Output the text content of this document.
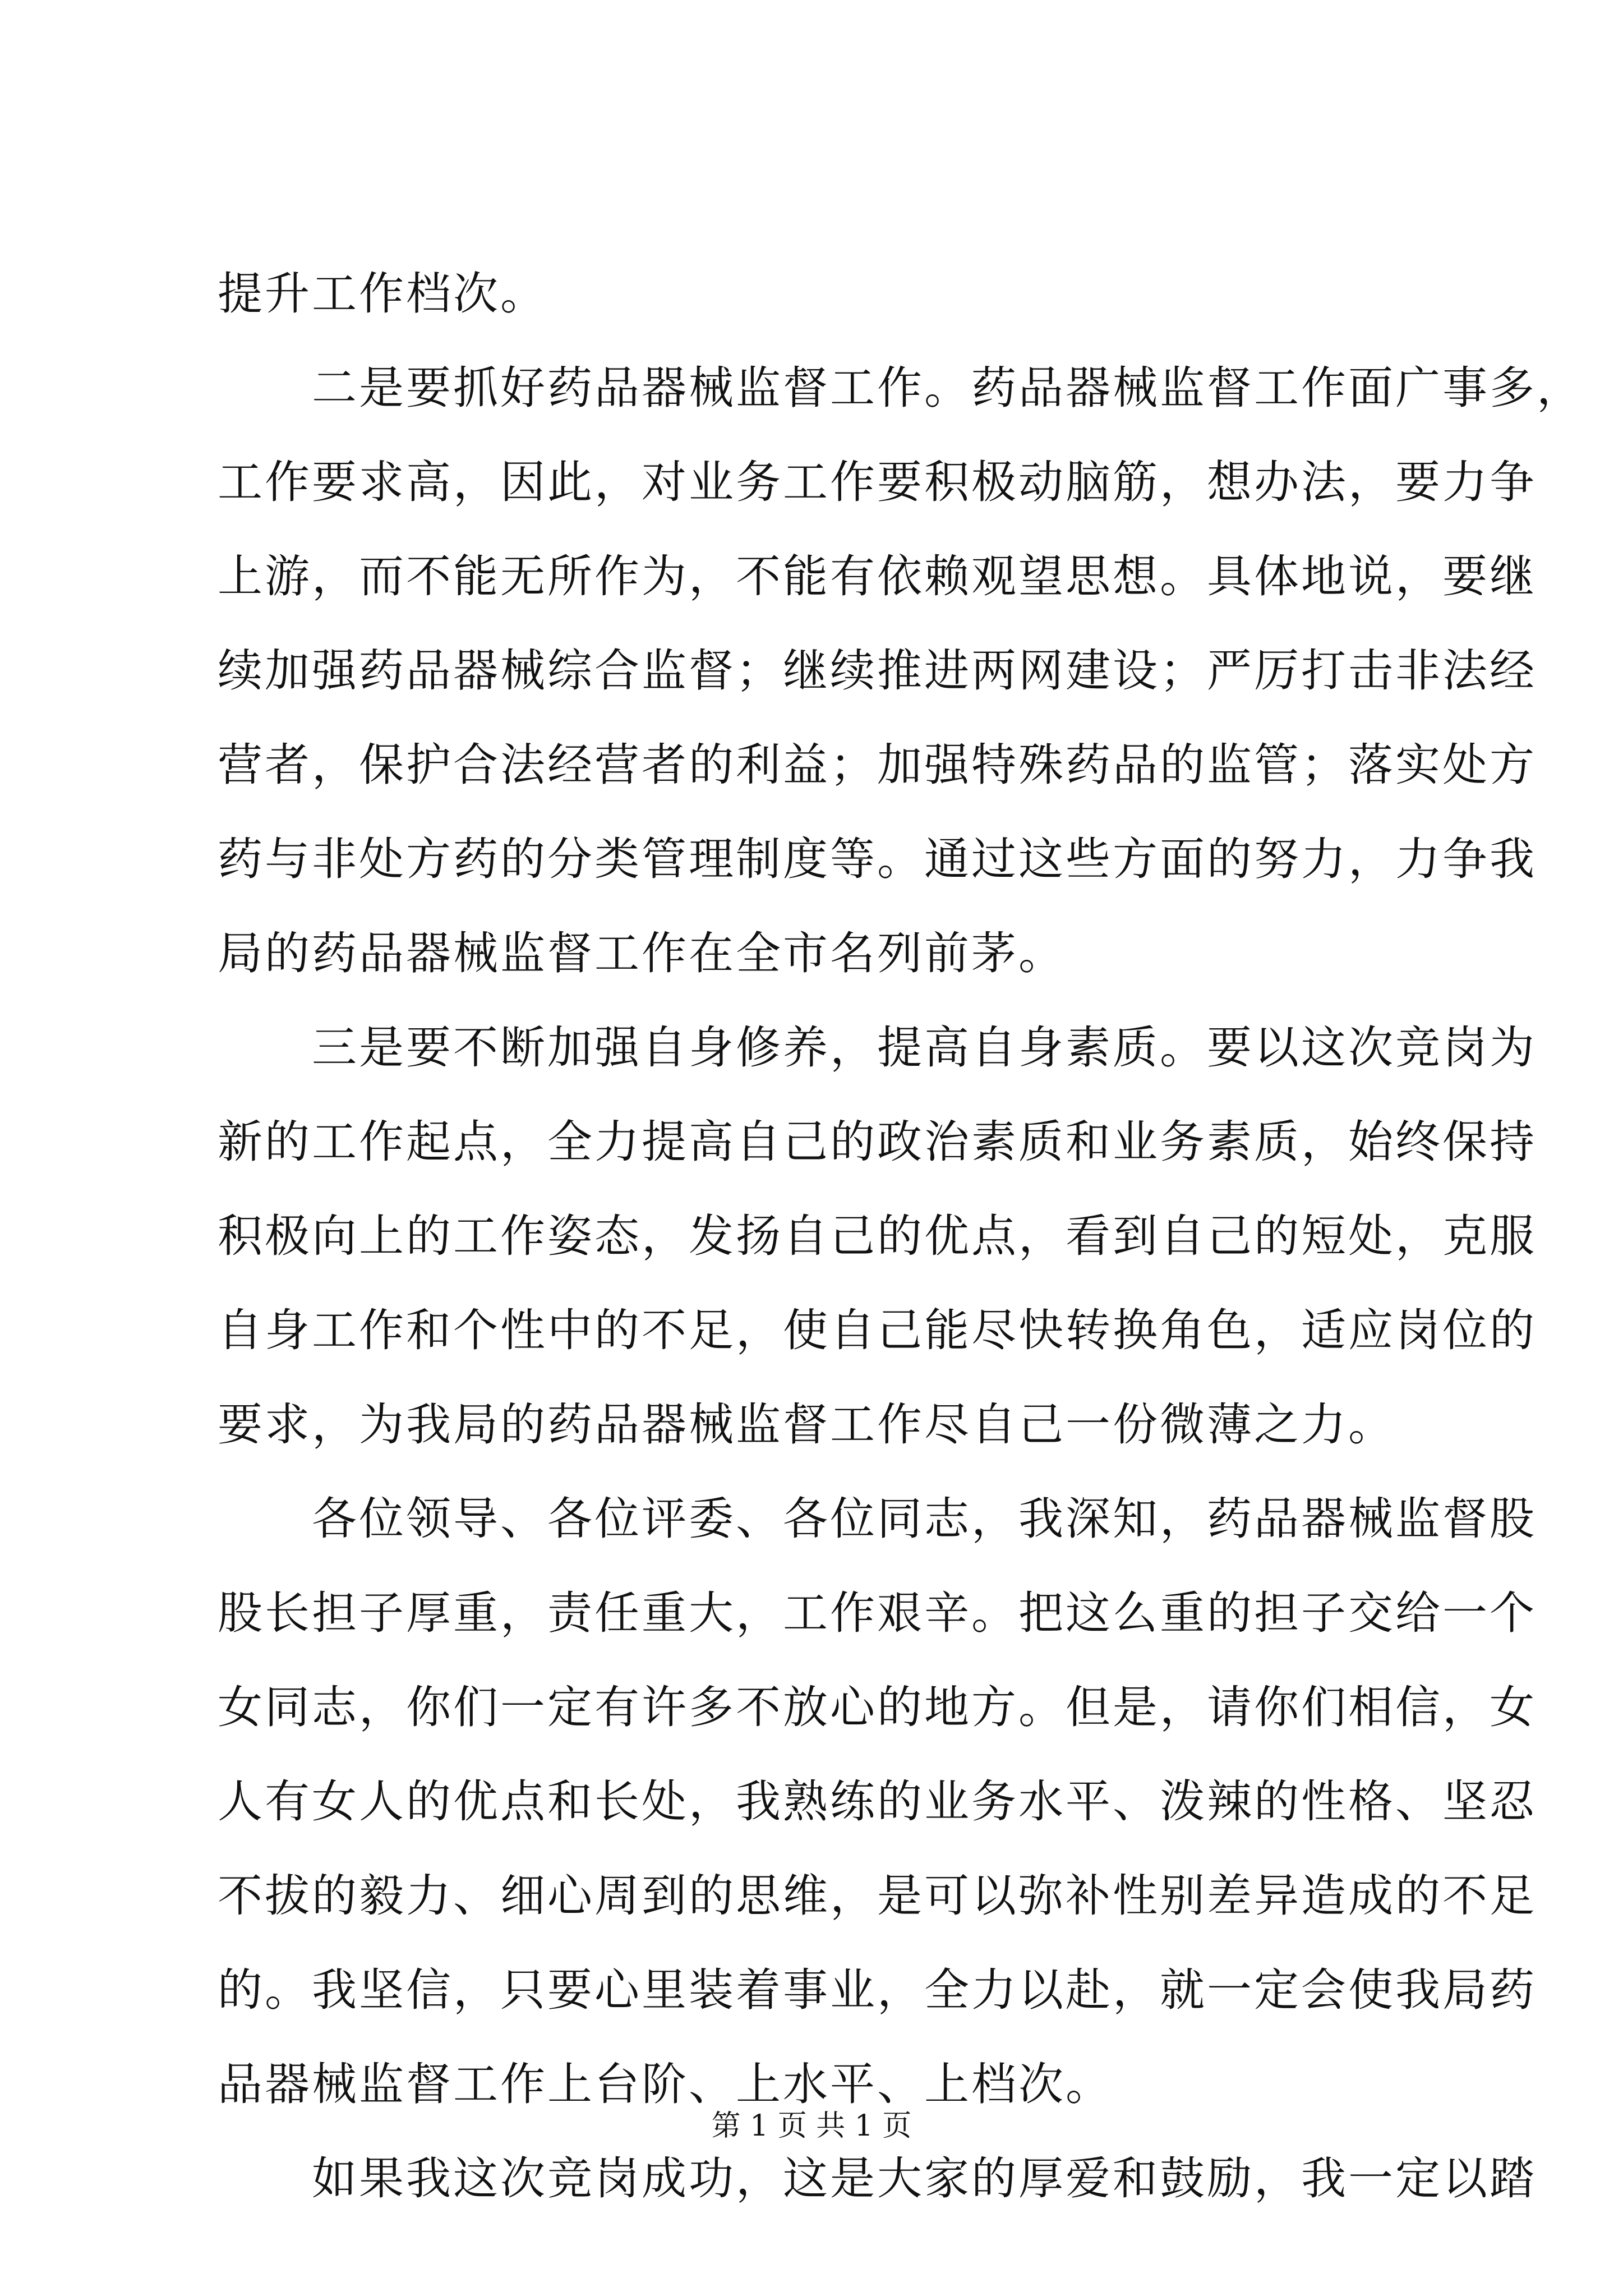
提升工作档次。
二是要抓好药品器械监督工作。药品器械监督工作面广事多，
工作要求高，因此，对业务工作要积极动脑筋，想办法，要力争
上游，而不能无所作为，不能有依赖观望思想。具体地说，要继
续加强药品器械综合监督；继续推进两网建设；严厉打击非法经
营者，保护合法经营者的利益；加强特殊药品的监管；落实处方
药与非处方药的分类管理制度等。通过这些方面的努力，力争我
局的药品器械监督工作在全市名列前茅。
三是要不断加强自身修养，提高自身素质。要以这次竞岗为
新的工作起点，全力提高自己的政治素质和业务素质，始终保持
积极向上的工作姿态，发扬自己的优点，看到自己的短处，克服
自身工作和个性中的不足，使自己能尽快转换角色，适应岗位的
要求，为我局的药品器械监督工作尽自己一份微薄之力。
各位领导、各位评委、各位同志，我深知，药品器械监督股
股长担子厚重，责任重大，工作艰辛。把这么重的担子交给一个
女同志，你们一定有许多不放心的地方。但是，请你们相信，女
人有女人的优点和长处，我熟练的业务水平、泼辣的性格、坚忍
不拔的毅力、细心周到的思维，是可以弥补性别差异造成的不足
的。我坚信，只要心里装着事业，全力以赴，就一定会使我局药
品器械监督工作上台阶、上水平、上档次。
如果我这次竞岗成功，这是大家的厚爱和鼓励，我一定以踏
第 1 页 共 1 页
